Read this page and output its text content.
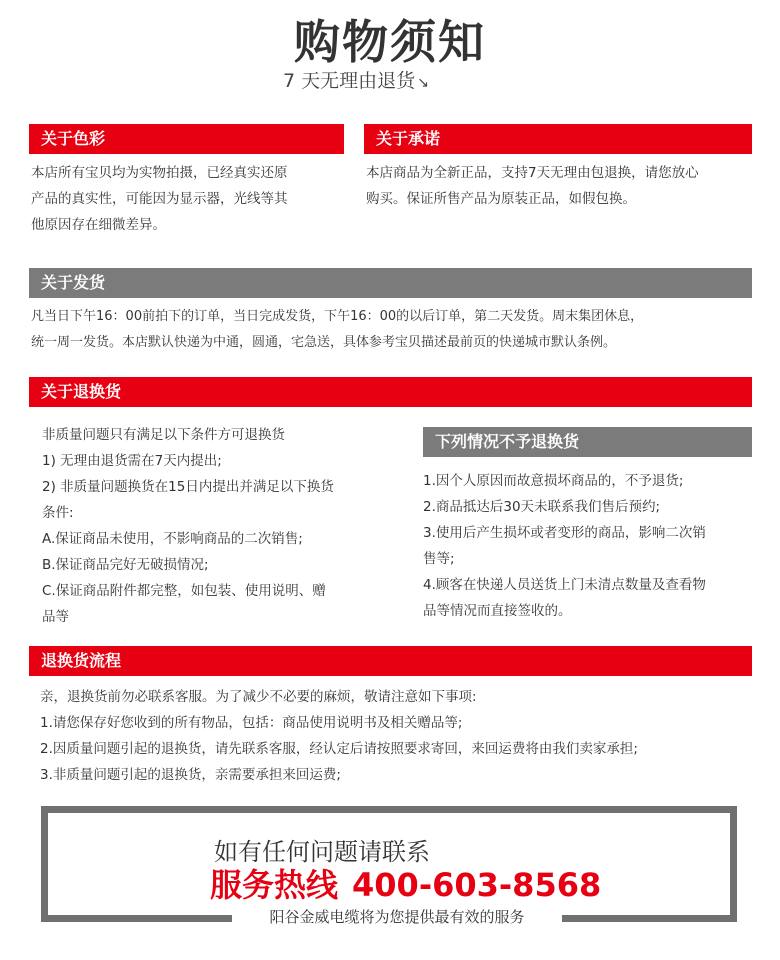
购物须知
7 天无理由退货 ↘
关于色彩
本店所有宝贝均为实物拍摄，已经真实还原
产品的真实性，可能因为显示器，光线等其
他原因存在细微差异。
关于承诺
本店商品为全新正品，支持7天无理由包退换，请您放心
购买。保证所售产品为原装正品，如假包换。
关于发货
凡当日下午16：00前拍下的订单，当日完成发货，下午16：00的以后订单，第二天发货。周末集团休息，
统一周一发货。本店默认快递为中通，圆通，宅急送，具体参考宝贝描述最前页的快递城市默认条例。
关于退换货
非质量问题只有满足以下条件方可退换货
1) 无理由退货需在7天内提出;
2) 非质量问题换货在15日内提出并满足以下换货
条件:
A.保证商品未使用，不影响商品的二次销售;
B.保证商品完好无破损情况;
C.保证商品附件都完整，如包装、使用说明、赠
品等
下列情况不予退换货
1.因个人原因而故意损坏商品的，不予退货;
2.商品抵达后30天未联系我们售后预约;
3.使用后产生损坏或者变形的商品，影响二次销
售等;
4.顾客在快递人员送货上门未清点数量及查看物
品等情况而直接签收的。
退换货流程
亲，退换货前勿必联系客服。为了减少不必要的麻烦，敬请注意如下事项:
1.请您保存好您收到的所有物品，包括：商品使用说明书及相关赠品等;
2.因质量问题引起的退换货，请先联系客服，经认定后请按照要求寄回，来回运费将由我们卖家承担;
3.非质量问题引起的退换货，亲需要承担来回运费;
如有任何问题请联系
服务热线 400-603-8568
阳谷金威电缆将为您提供最有效的服务
